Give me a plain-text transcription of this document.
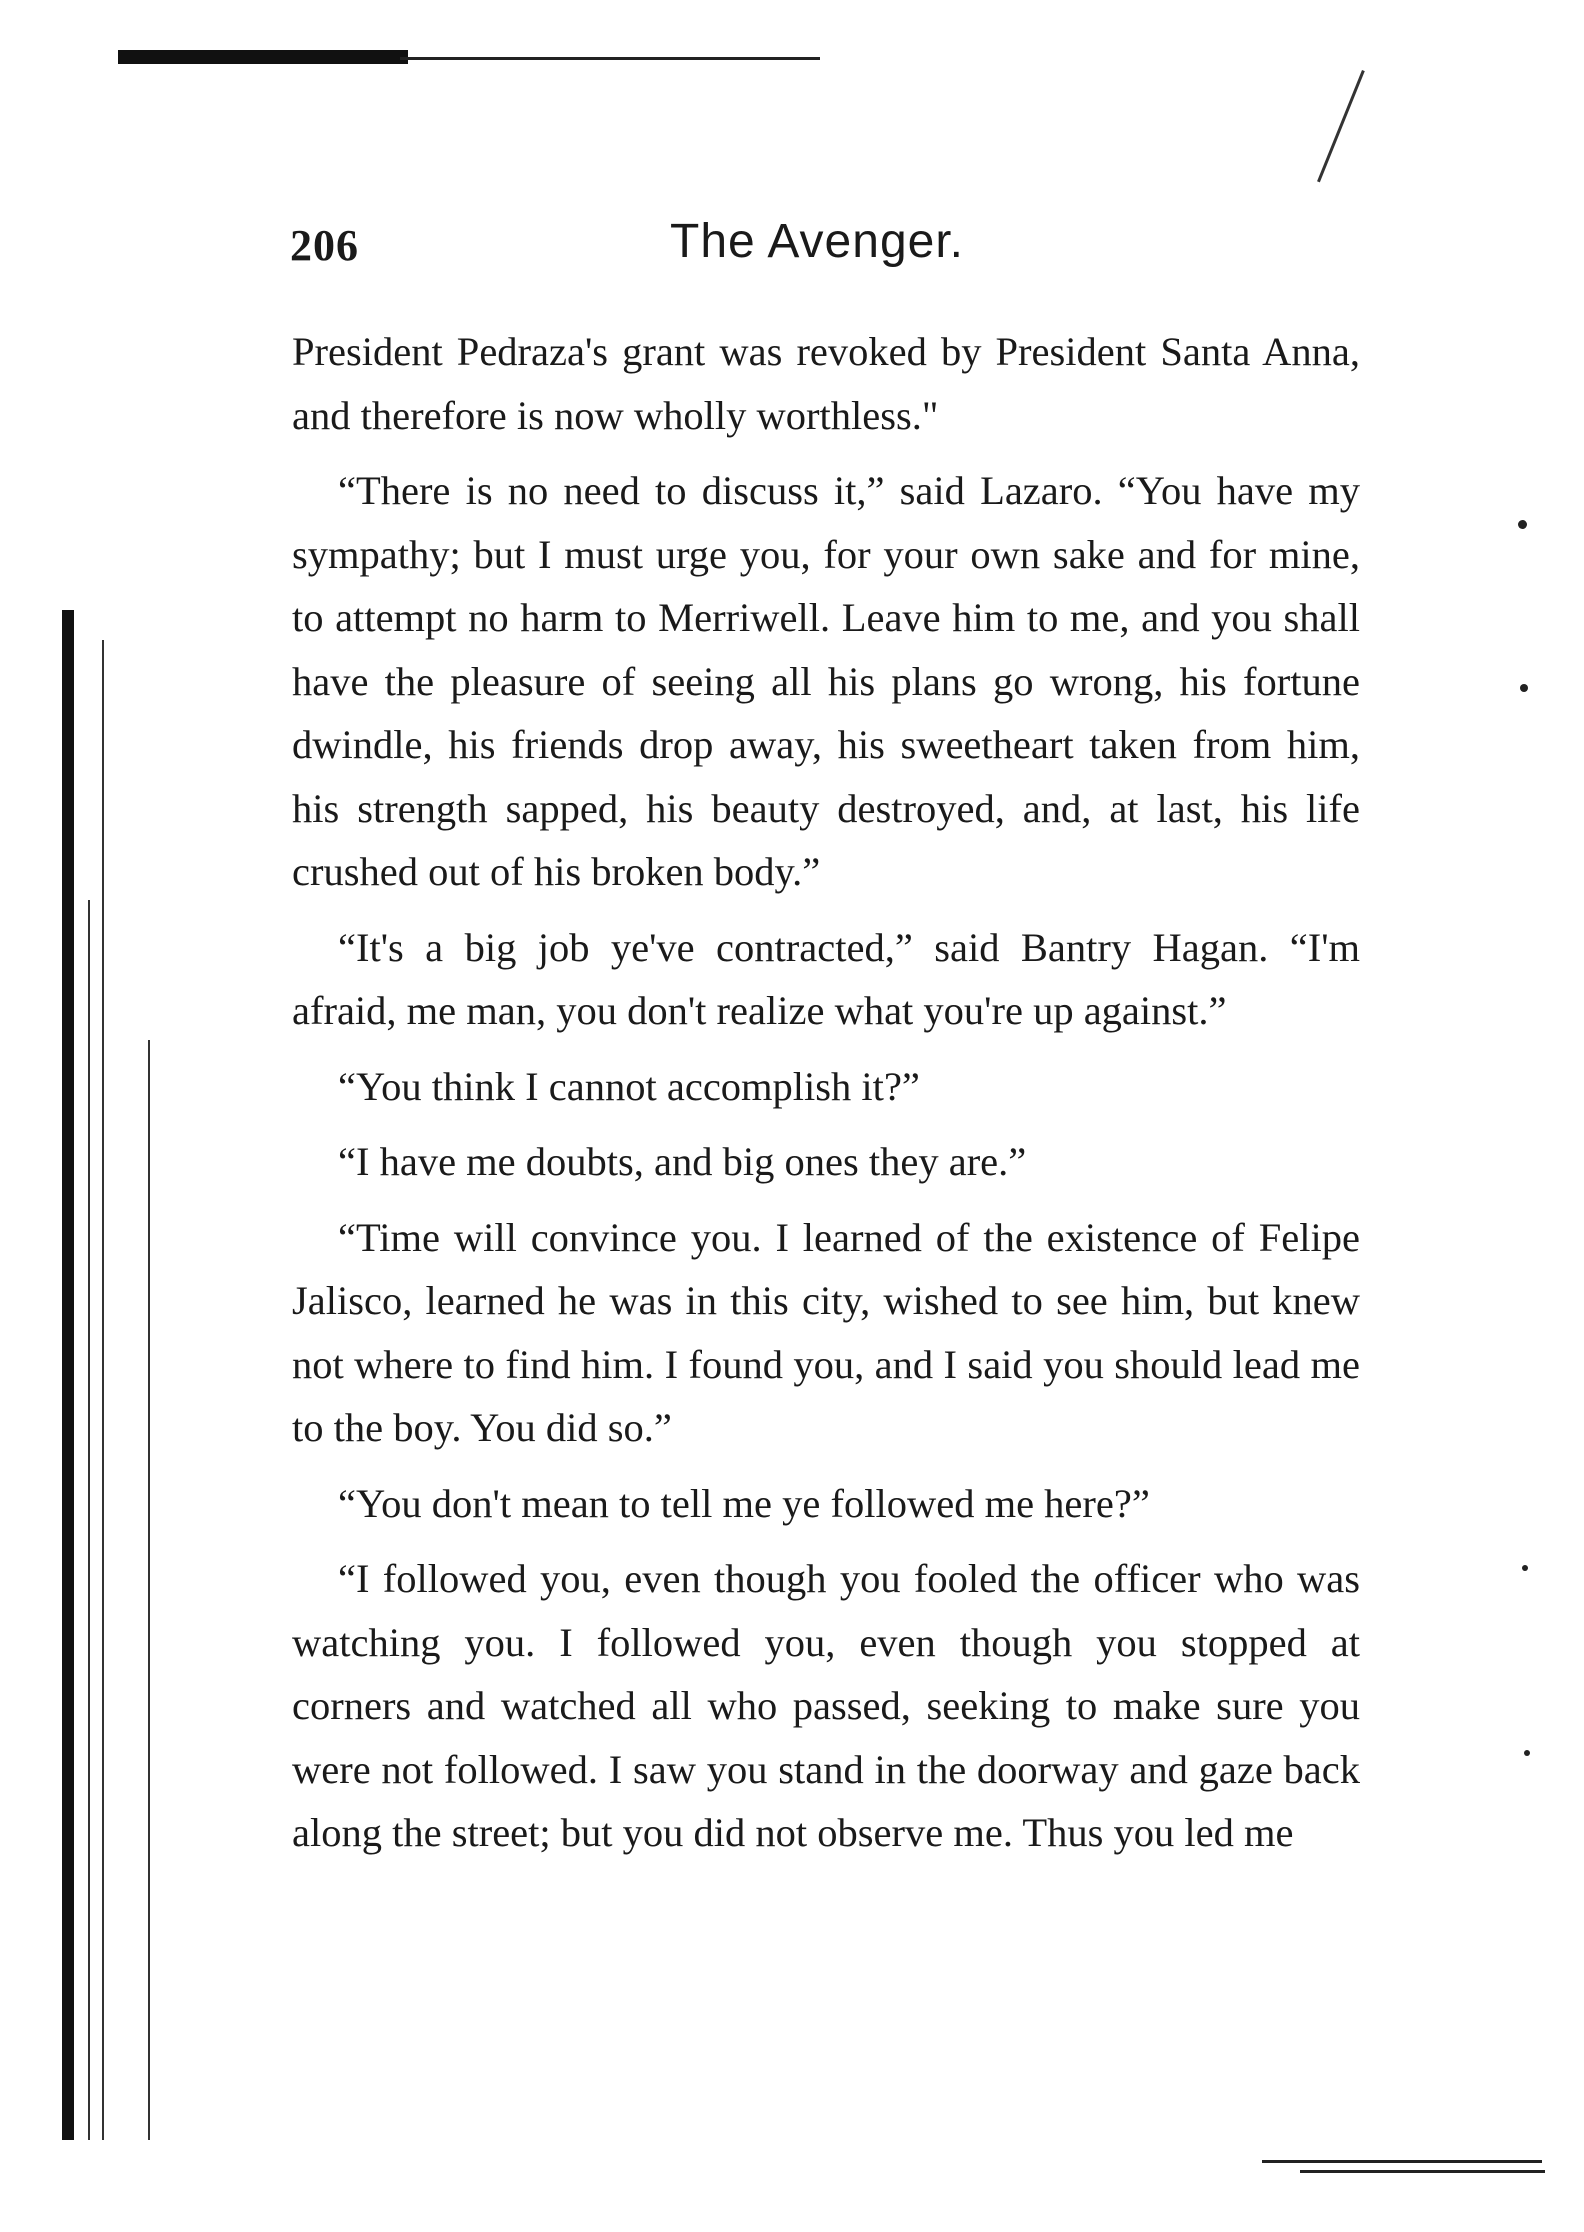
206	The Avenger.

President Pedraza's grant was revoked by President Santa Anna, and therefore is now wholly worthless."

“There is no need to discuss it,” said Lazaro. “You have my sympathy; but I must urge you, for your own sake and for mine, to attempt no harm to Merriwell. Leave him to me, and you shall have the pleasure of seeing all his plans go wrong, his fortune dwindle, his friends drop away, his sweetheart taken from him, his strength sapped, his beauty destroyed, and, at last, his life crushed out of his broken body.”

“It's a big job ye've contracted,” said Bantry Hagan. “I'm afraid, me man, you don't realize what you're up against.”

“You think I cannot accomplish it?”

“I have me doubts, and big ones they are.”

“Time will convince you. I learned of the existence of Felipe Jalisco, learned he was in this city, wished to see him, but knew not where to find him. I found you, and I said you should lead me to the boy. You did so.”

“You don't mean to tell me ye followed me here?”

“I followed you, even though you fooled the officer who was watching you. I followed you, even though you stopped at corners and watched all who passed, seeking to make sure you were not followed. I saw you stand in the doorway and gaze back along the street; but you did not observe me. Thus you led me
